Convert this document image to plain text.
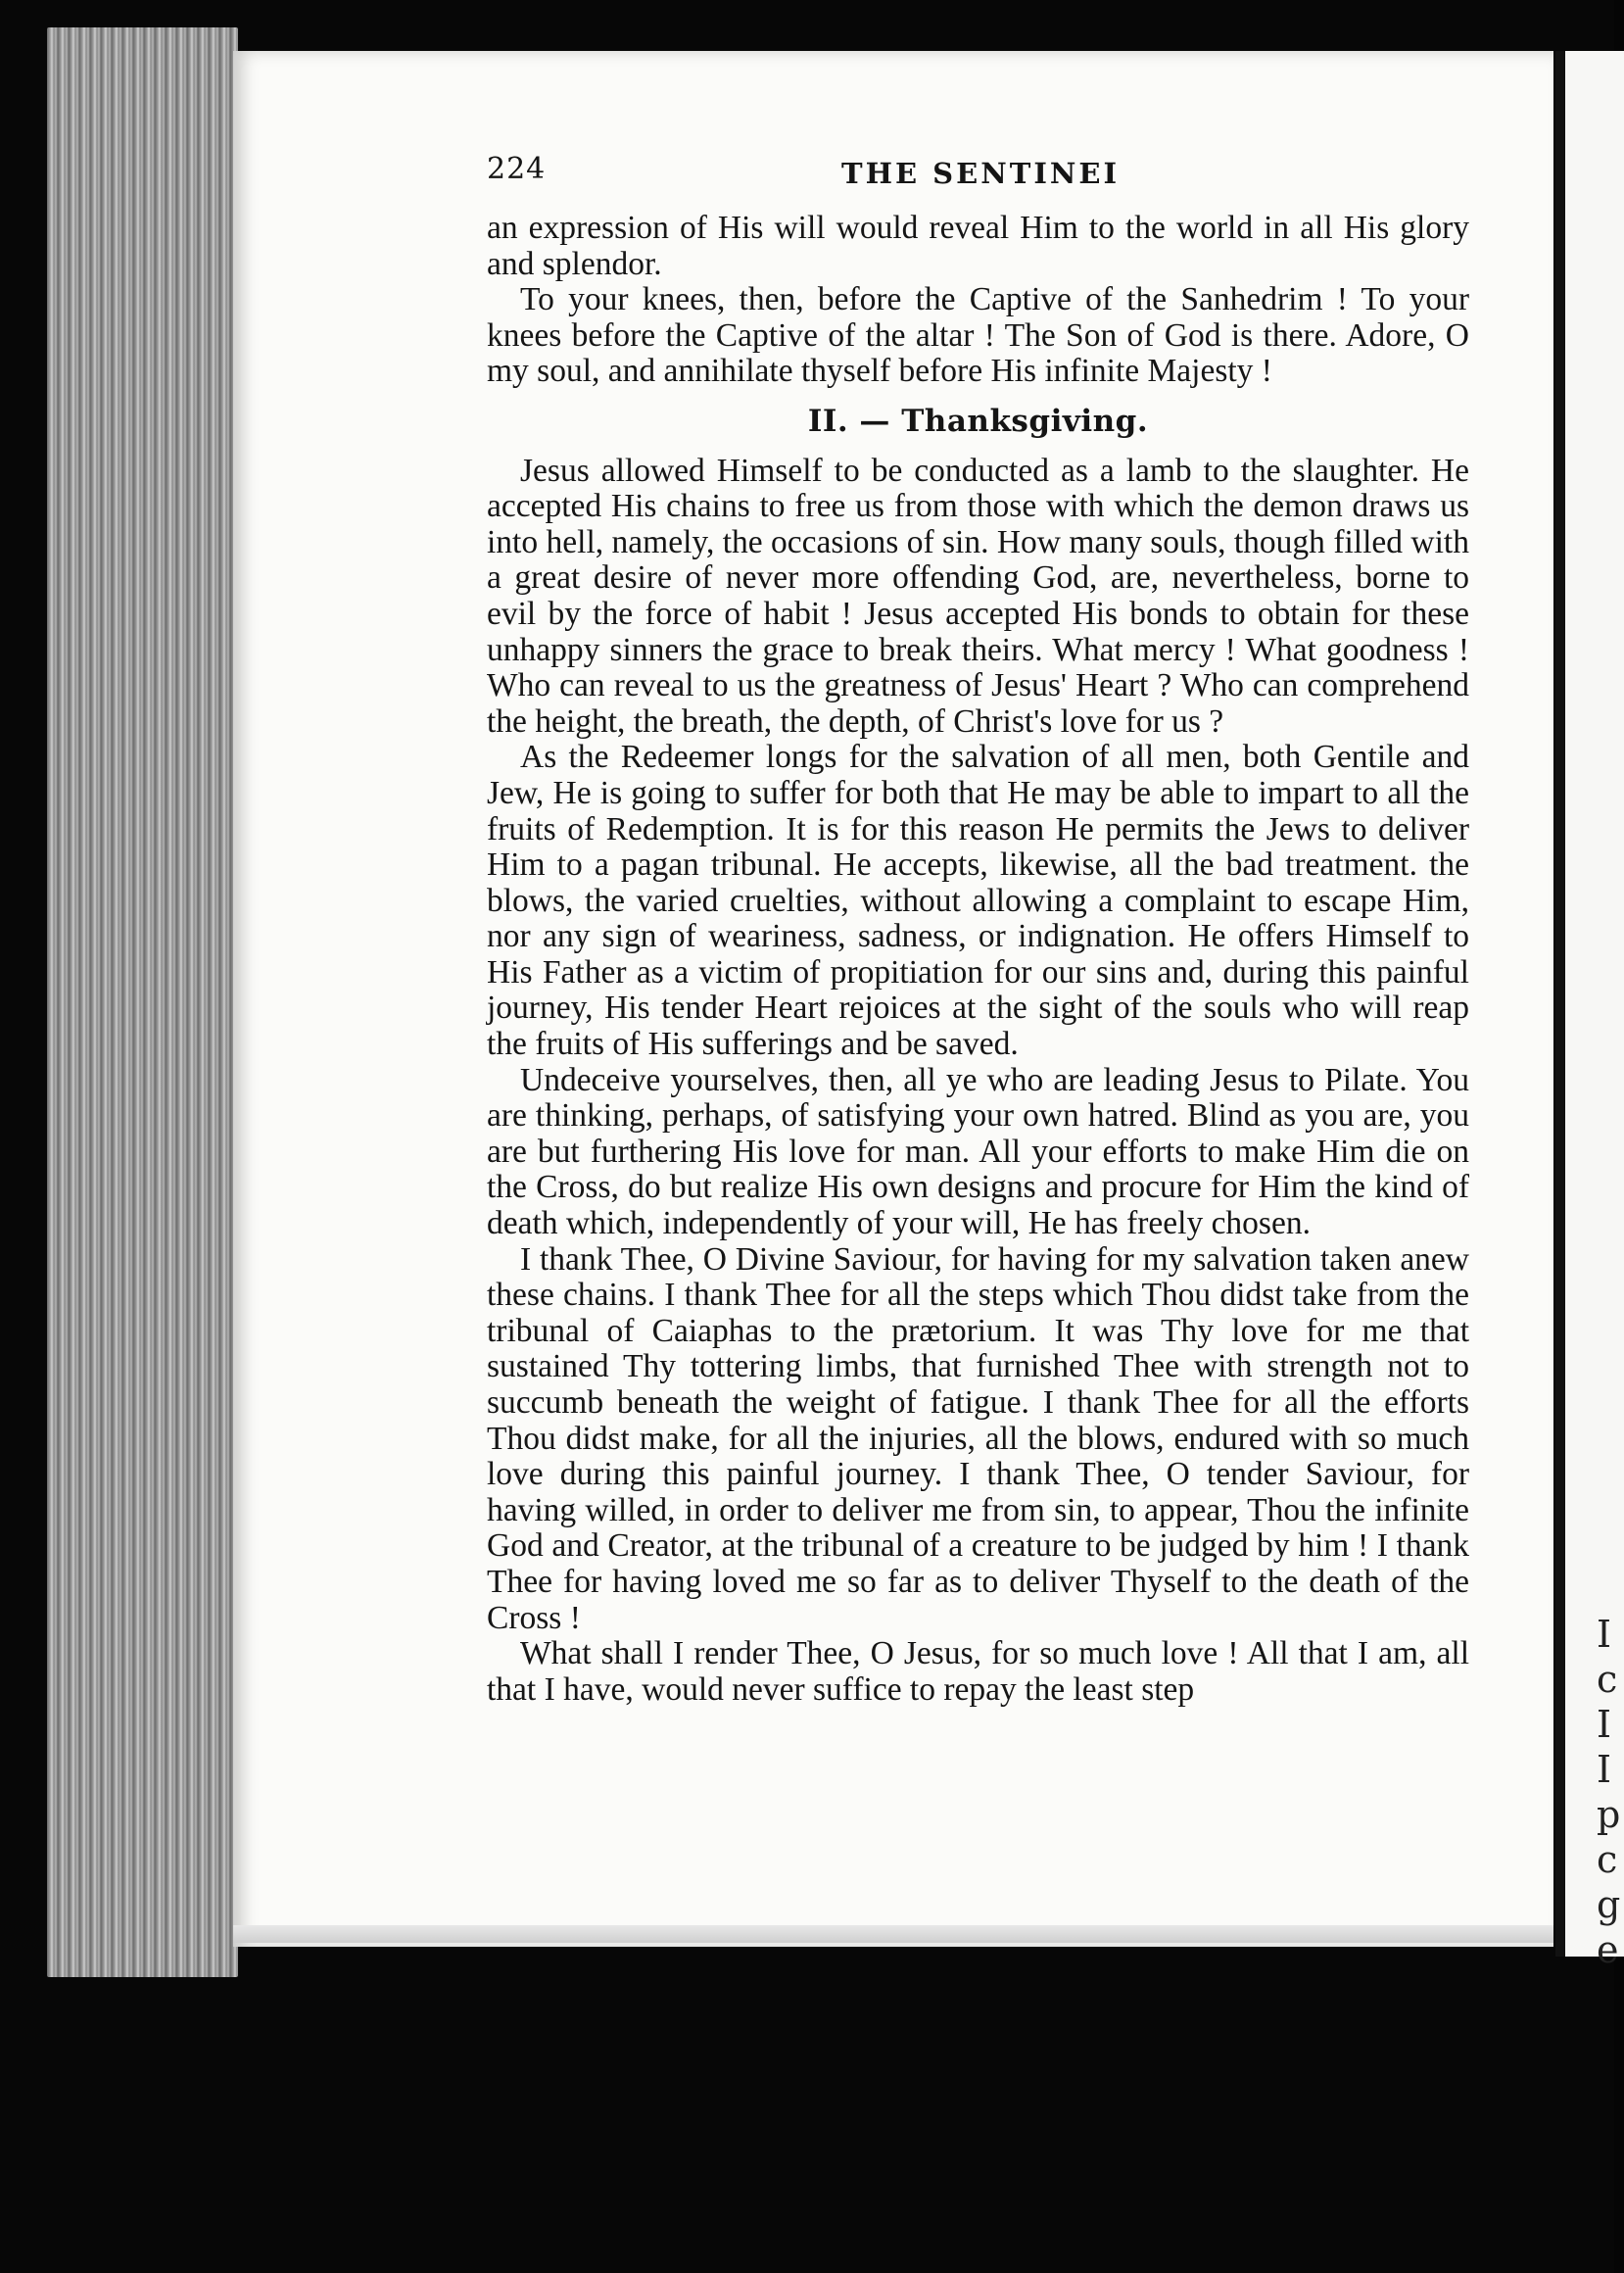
I
c
I
I
p
c
g
e
224	THE SENTINEI

an expression of His will would reveal Him to the world in all His glory and splendor.

To your knees, then, before the Captive of the Sanhedrim ! To your knees before the Captive of the altar ! The Son of God is there. Adore, O my soul, and annihilate thyself before His infinite Majesty !

II. — Thanksgiving.

Jesus allowed Himself to be conducted as a lamb to the slaughter. He accepted His chains to free us from those with which the demon draws us into hell, namely, the occasions of sin. How many souls, though filled with a great desire of never more offending God, are, nevertheless, borne to evil by the force of habit ! Jesus accepted His bonds to obtain for these unhappy sinners the grace to break theirs. What mercy ! What goodness ! Who can reveal to us the greatness of Jesus' Heart ? Who can comprehend the height, the breath, the depth, of Christ's love for us ?

As the Redeemer longs for the salvation of all men, both Gentile and Jew, He is going to suffer for both that He may be able to impart to all the fruits of Redemption. It is for this reason He permits the Jews to deliver Him to a pagan tribunal. He accepts, likewise, all the bad treatment. the blows, the varied cruelties, without allowing a complaint to escape Him, nor any sign of weariness, sadness, or indignation. He offers Himself to His Father as a victim of propitiation for our sins and, during this painful journey, His tender Heart rejoices at the sight of the souls who will reap the fruits of His sufferings and be saved.

Undeceive yourselves, then, all ye who are leading Jesus to Pilate. You are thinking, perhaps, of satisfying your own hatred. Blind as you are, you are but furthering His love for man. All your efforts to make Him die on the Cross, do but realize His own designs and procure for Him the kind of death which, independently of your will, He has freely chosen.

I thank Thee, O Divine Saviour, for having for my salvation taken anew these chains. I thank Thee for all the steps which Thou didst take from the tribunal of Caiaphas to the prætorium. It was Thy love for me that sustained Thy tottering limbs, that furnished Thee with strength not to succumb beneath the weight of fatigue. I thank Thee for all the efforts Thou didst make, for all the injuries, all the blows, endured with so much love during this painful journey. I thank Thee, O tender Saviour, for having willed, in order to deliver me from sin, to appear, Thou the infinite God and Creator, at the tribunal of a creature to be judged by him ! I thank Thee for having loved me so far as to deliver Thyself to the death of the Cross !

What shall I render Thee, O Jesus, for so much love ! All that I am, all that I have, would never suffice to repay the least step
